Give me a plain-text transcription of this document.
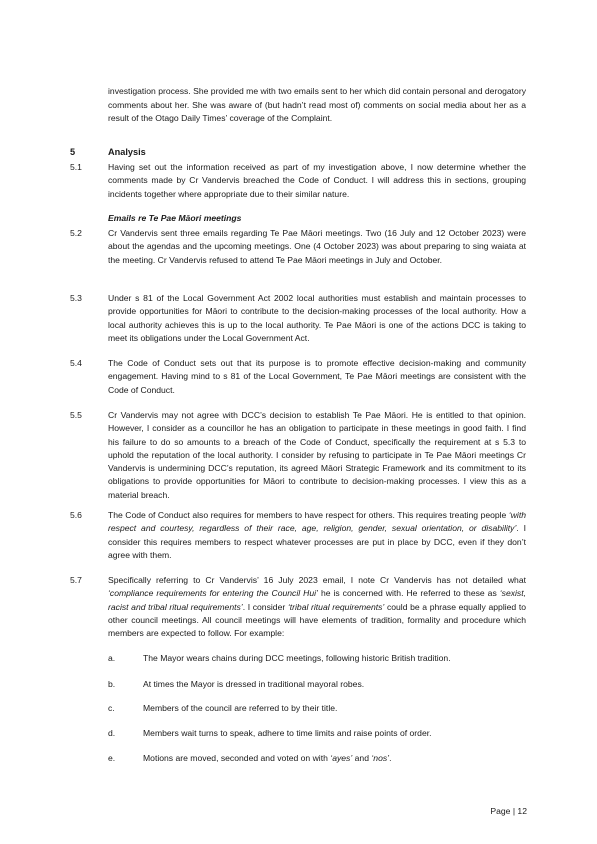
investigation process. She provided me with two emails sent to her which did contain personal and derogatory comments about her. She was aware of (but hadn’t read most of) comments on social media about her as a result of the Otago Daily Times’ coverage of the Complaint.
5	Analysis
5.1	Having set out the information received as part of my investigation above, I now determine whether the comments made by Cr Vandervis breached the Code of Conduct. I will address this in sections, grouping incidents together where appropriate due to their similar nature.
Emails re Te Pae Māori meetings
5.2	Cr Vandervis sent three emails regarding Te Pae Māori meetings. Two (16 July and 12 October 2023) were about the agendas and the upcoming meetings. One (4 October 2023) was about preparing to sing waiata at the meeting. Cr Vandervis refused to attend Te Pae Māori meetings in July and October.
5.3	Under s 81 of the Local Government Act 2002 local authorities must establish and maintain processes to provide opportunities for Māori to contribute to the decision-making processes of the local authority. How a local authority achieves this is up to the local authority. Te Pae Māori is one of the actions DCC is taking to meet its obligations under the Local Government Act.
5.4	The Code of Conduct sets out that its purpose is to promote effective decision-making and community engagement. Having mind to s 81 of the Local Government, Te Pae Māori meetings are consistent with the Code of Conduct.
5.5	Cr Vandervis may not agree with DCC’s decision to establish Te Pae Māori. He is entitled to that opinion. However, I consider as a councillor he has an obligation to participate in these meetings in good faith. I find his failure to do so amounts to a breach of the Code of Conduct, specifically the requirement at s 5.3 to uphold the reputation of the local authority. I consider by refusing to participate in Te Pae Māori meetings Cr Vandervis is undermining DCC’s reputation, its agreed Māori Strategic Framework and its commitment to its obligations to provide opportunities for Māori to contribute to decision-making processes. I view this as a material breach.
5.6	The Code of Conduct also requires for members to have respect for others. This requires treating people ‘with respect and courtesy, regardless of their race, age, religion, gender, sexual orientation, or disability’. I consider this requires members to respect whatever processes are put in place by DCC, even if they don’t agree with them.
5.7	Specifically referring to Cr Vandervis’ 16 July 2023 email, I note Cr Vandervis has not detailed what ‘compliance requirements for entering the Council Hui’ he is concerned with. He referred to these as ‘sexist, racist and tribal ritual requirements’. I consider ‘tribal ritual requirements’ could be a phrase equally applied to other council meetings. All council meetings will have elements of tradition, formality and procedure which members are expected to follow. For example:
a.	The Mayor wears chains during DCC meetings, following historic British tradition.
b.	At times the Mayor is dressed in traditional mayoral robes.
c.	Members of the council are referred to by their title.
d.	Members wait turns to speak, adhere to time limits and raise points of order.
e.	Motions are moved, seconded and voted on with ‘ayes’ and ‘nos’.
Page | 12
